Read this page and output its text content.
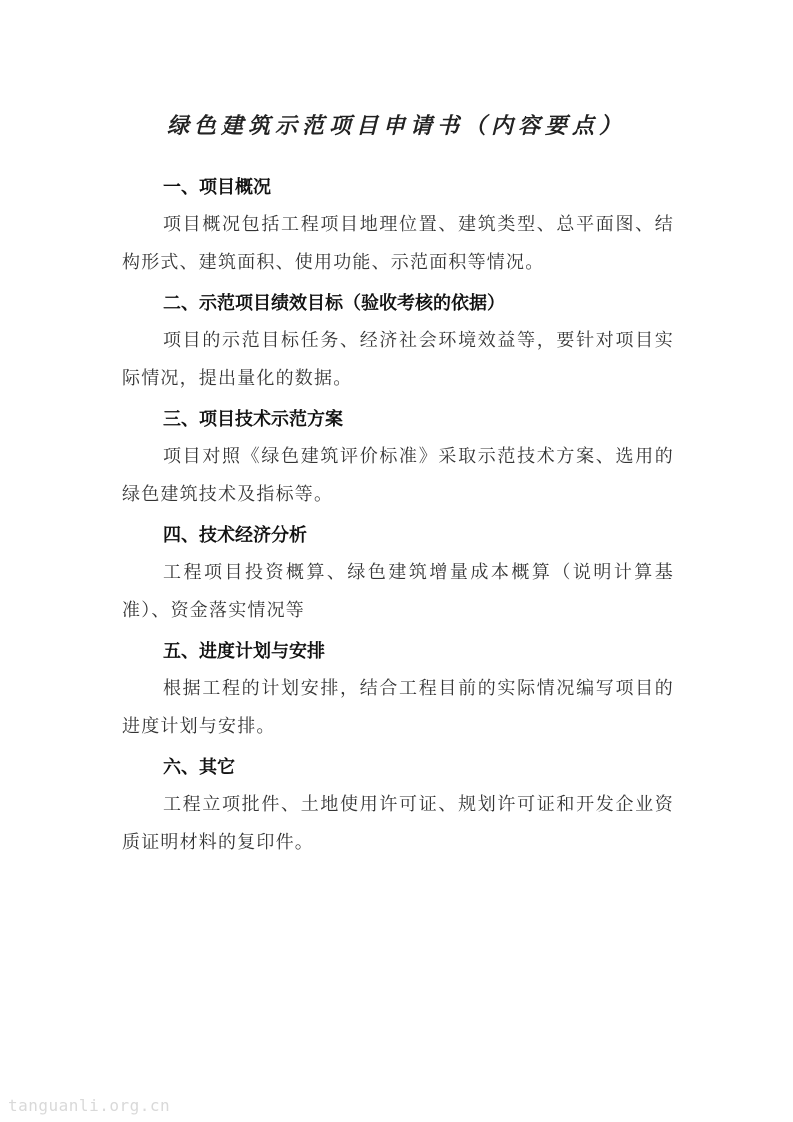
绿色建筑示范项目申请书（内容要点）
一、项目概况

项目概况包括工程项目地理位置、建筑类型、总平面图、结构形式、建筑面积、使用功能、示范面积等情况。

二、示范项目绩效目标（验收考核的依据）

项目的示范目标任务、经济社会环境效益等，要针对项目实际情况，提出量化的数据。

三、项目技术示范方案

项目对照《绿色建筑评价标准》采取示范技术方案、选用的绿色建筑技术及指标等。

四、技术经济分析

工程项目投资概算、绿色建筑增量成本概算（说明计算基准）、资金落实情况等

五、进度计划与安排

根据工程的计划安排，结合工程目前的实际情况编写项目的进度计划与安排。

六、其它

工程立项批件、土地使用许可证、规划许可证和开发企业资质证明材料的复印件。

tanguanli.org.cn
